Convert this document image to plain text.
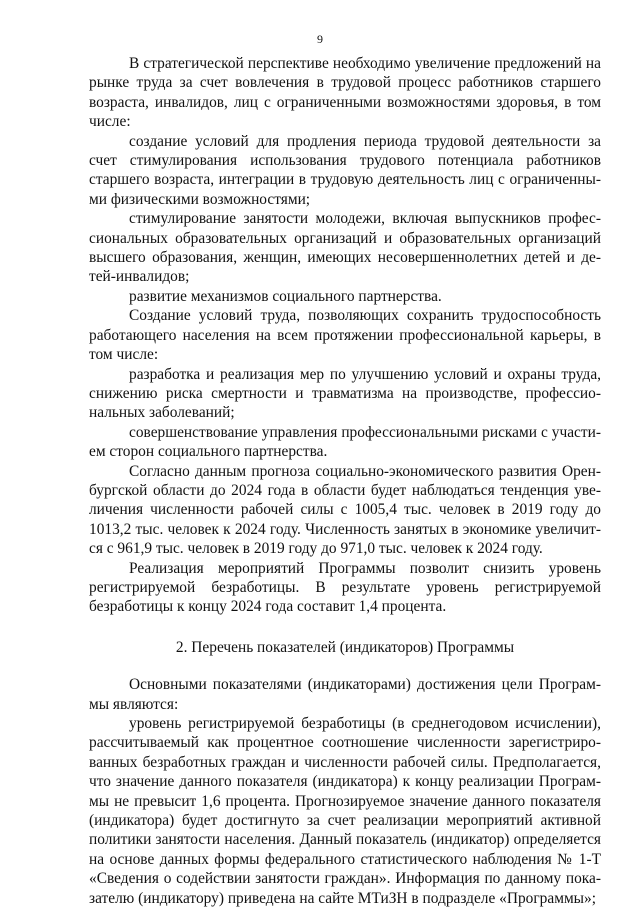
9

В стратегической перспективе необходимо увеличение предложений на рынке труда за счет вовлечения в трудовой процесс работников старшего возраста, инвалидов, лиц с ограниченными возможностями здоровья, в том числе:

создание условий для продления периода трудовой деятельности за счет стимулирования использования трудового потенциала работников старшего возраста, интеграции в трудовую деятельность лиц с ограниченными физическими возможностями;

стимулирование занятости молодежи, включая выпускников профессиональных образовательных организаций и образовательных организаций высшего образования, женщин, имеющих несовершеннолетних детей и детей-инвалидов;

развитие механизмов социального партнерства.

Создание условий труда, позволяющих сохранить трудоспособность работающего населения на всем протяжении профессиональной карьеры, в том числе:

разработка и реализация мер по улучшению условий и охраны труда, снижению риска смертности и травматизма на производстве, профессиональных заболеваний;

совершенствование управления профессиональными рисками с участием сторон социального партнерства.

Согласно данным прогноза социально-экономического развития Оренбургской области до 2024 года в области будет наблюдаться тенденция увеличения численности рабочей силы с 1005,4 тыс. человек в 2019 году до 1013,2 тыс. человек к 2024 году. Численность занятых в экономике увеличится с 961,9 тыс. человек в 2019 году до 971,0 тыс. человек к 2024 году.

Реализация мероприятий Программы позволит снизить уровень регистрируемой безработицы. В результате уровень регистрируемой безработицы к концу 2024 года составит 1,4 процента.

2. Перечень показателей (индикаторов) Программы

Основными показателями (индикаторами) достижения цели Программы являются:

уровень регистрируемой безработицы (в среднегодовом исчислении), рассчитываемый как процентное соотношение численности зарегистрированных безработных граждан и численности рабочей силы. Предполагается, что значение данного показателя (индикатора) к концу реализации Программы не превысит 1,6 процента. Прогнозируемое значение данного показателя (индикатора) будет достигнуто за счет реализации мероприятий активной политики занятости населения. Данный показатель (индикатор) определяется на основе данных формы федерального статистического наблюдения № 1-Т «Сведения о содействии занятости граждан». Информация по данному показателю (индикатору) приведена на сайте МТиЗН в подразделе «Программы»;
